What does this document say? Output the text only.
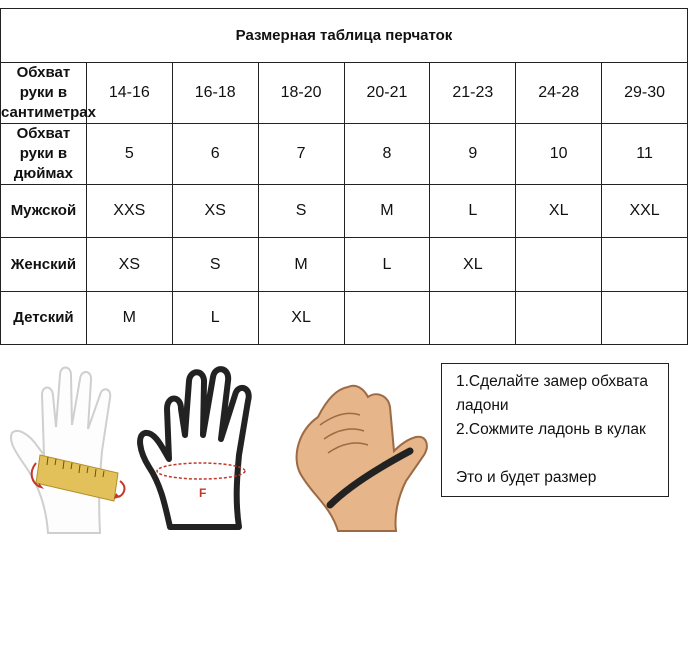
Размерная таблица перчаток							

Обхват руки в
сантиметрах	14-16	16-18	18-20	20-21	21-23	24-28	29-30

Обхват руки в
дюймах	5	6	7	8	9	10	11
Мужской	XXS	XS	S	M	L	XL	XXL
Женский	XS	S	M	L	XL		
Детский	M	L	XL				
F
1.Сделайте замер обхвата
ладони
2.Сожмите ладонь в кулак
Это и будет размер
